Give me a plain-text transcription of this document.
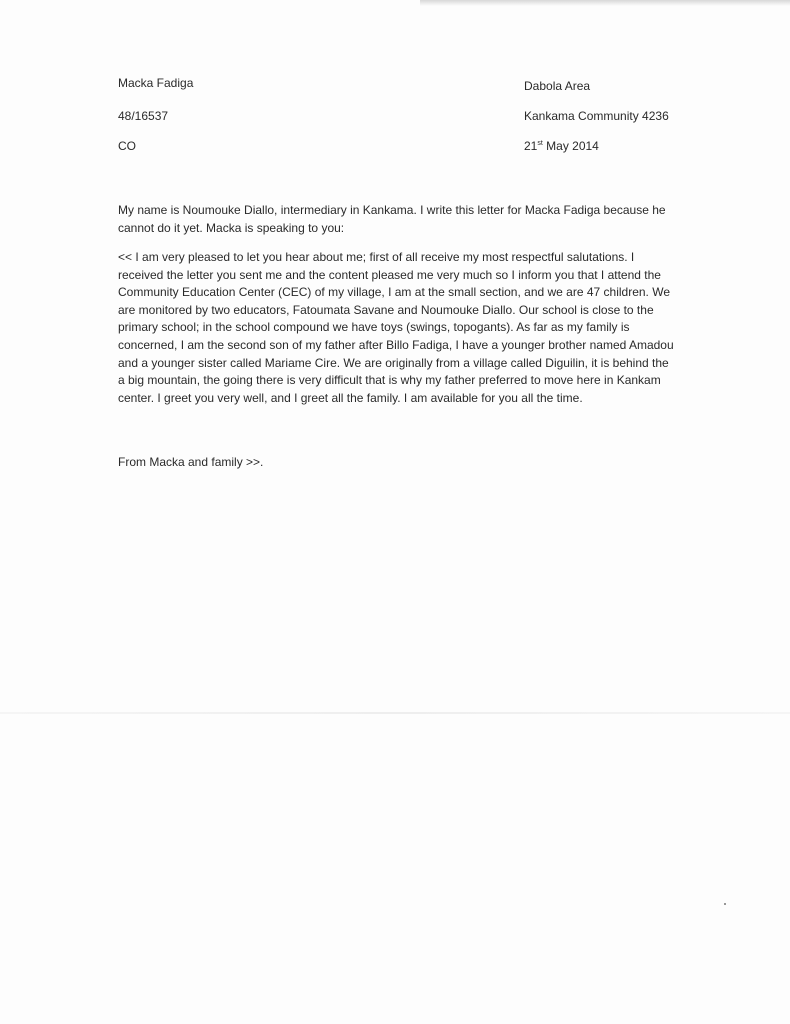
Macka Fadiga
48/16537
CO
Dabola Area
Kankama Community 4236
21st May 2014

My name is Noumouke Diallo, intermediary in Kankama. I write this letter for Macka Fadiga because he cannot do it yet. Macka is speaking to you:

<< I am very pleased to let you hear about me; first of all receive my most respectful salutations. I received the letter you sent me and the content pleased me very much so I inform you that I attend the Community Education Center (CEC) of my village, I am at the small section, and we are 47 children. We are monitored by two educators, Fatoumata Savane and Noumouke Diallo. Our school is close to the primary school; in the school compound we have toys (swings, topogants). As far as my family is concerned, I am the second son of my father after Billo Fadiga, I have a younger brother named Amadou and a younger sister called Mariame Cire. We are originally from a village called Diguilin, it is behind the a big mountain, the going there is very difficult that is why my father preferred to move here in Kankam center. I greet you very well, and I greet all the family. I am available for you all the time.

From Macka and family >>.
